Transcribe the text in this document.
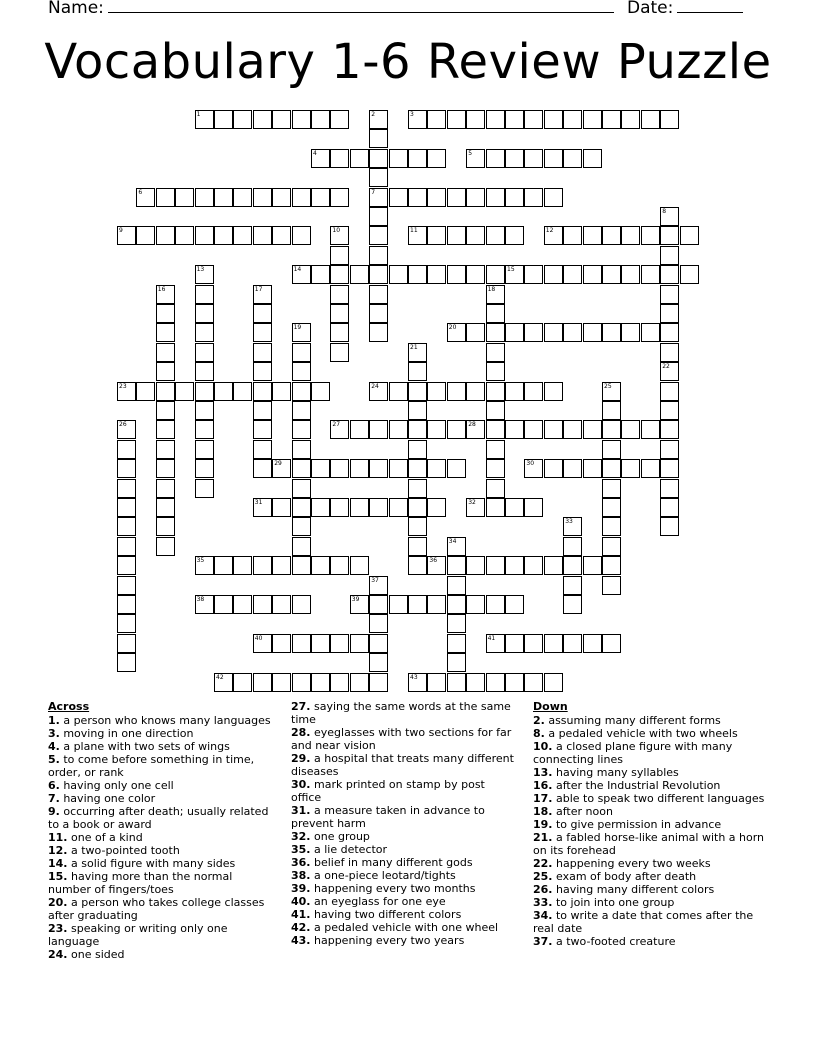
Name:	Date:
Vocabulary 1-6 Review Puzzle
1	2
7
3
4	5
6
8
22
9	10	11	12
13	14	15
16	17	18
19	20
21
23	24	25
26	27	28
29	30
31	32
33
34
35	36
37
38	39
40	41
42	43
Across
1. a person who knows many languages
3. moving in one direction
4. a plane with two sets of wings
5. to come before something in time, order, or rank
6. having only one cell
7. having one color
9. occurring after death; usually related to a book or award
11. one of a kind
12. a two-pointed tooth
14. a solid figure with many sides
15. having more than the normal number of fingers/toes
20. a person who takes college classes after graduating
23. speaking or writing only one language
24. one sided
27. saying the same words at the same time
28. eyeglasses with two sections for far and near vision
29. a hospital that treats many different diseases
30. mark printed on stamp by post office
31. a measure taken in advance to prevent harm
32. one group
35. a lie detector
36. belief in many different gods
38. a one-piece leotard/tights
39. happening every two months
40. an eyeglass for one eye
41. having two different colors
42. a pedaled vehicle with one wheel
43. happening every two years
Down
2. assuming many different forms
8. a pedaled vehicle with two wheels
10. a closed plane figure with many connecting lines
13. having many syllables
16. after the Industrial Revolution
17. able to speak two different languages
18. after noon
19. to give permission in advance
21. a fabled horse-like animal with a horn on its forehead
22. happening every two weeks
25. exam of body after death
26. having many different colors
33. to join into one group
34. to write a date that comes after the real date
37. a two-footed creature
